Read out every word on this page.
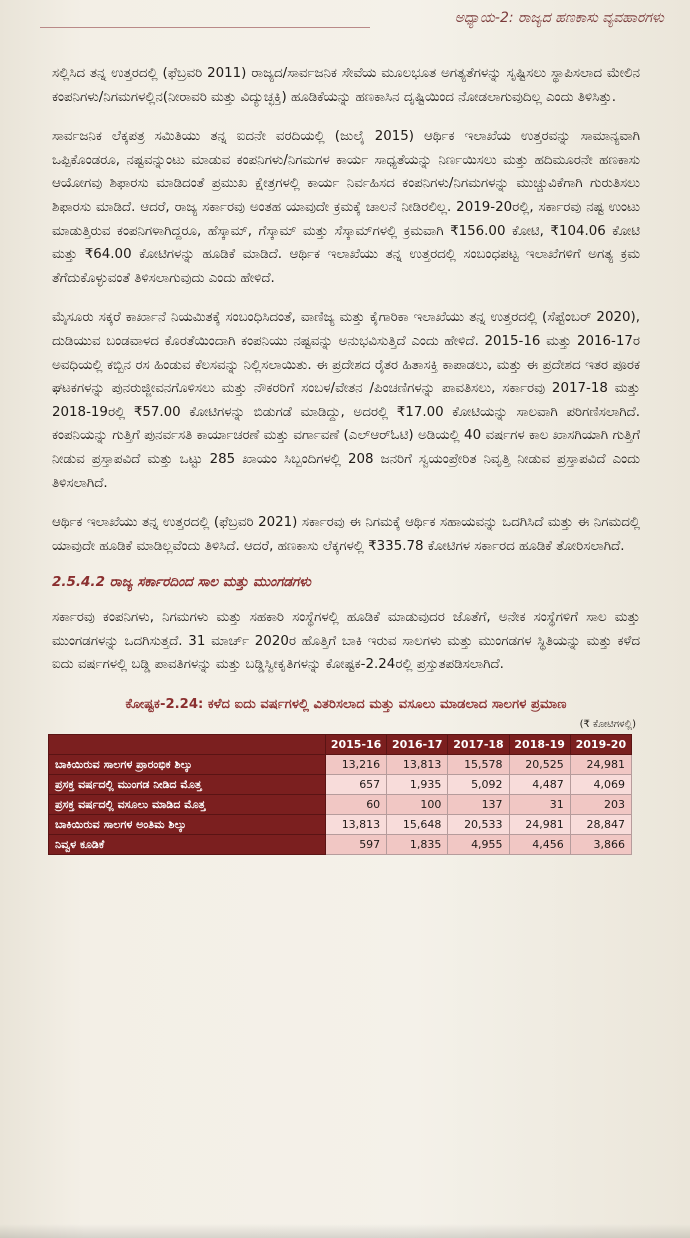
ಅಧ್ಯಾಯ-2: ರಾಜ್ಯದ ಹಣಕಾಸು ವ್ಯವಹಾರಗಳು

ಸಲ್ಲಿಸಿದ ತನ್ನ ಉತ್ತರದಲ್ಲಿ (ಫೆಬ್ರವರಿ 2011) ರಾಜ್ಯದ/ಸಾರ್ವಜನಿಕ ಸೇವೆಯ ಮೂಲಭೂತ ಅಗತ್ಯತೆಗಳನ್ನು ಸೃಷ್ಟಿಸಲು ಸ್ಥಾಪಿಸಲಾದ ಮೇಲಿನ ಕಂಪನಿಗಳು/ನಿಗಮಗಳಲ್ಲಿನ(ನೀರಾವರಿ ಮತ್ತು ವಿದ್ಯುಚ್ಛಕ್ತಿ) ಹೂಡಿಕೆಯನ್ನು ಹಣಕಾಸಿನ ದೃಷ್ಟಿಯಿಂದ ನೋಡಲಾಗುವುದಿಲ್ಲ ಎಂದು ತಿಳಿಸಿತ್ತು.

ಸಾರ್ವಜನಿಕ ಲೆಕ್ಕಪತ್ರ ಸಮಿತಿಯು ತನ್ನ ಐದನೇ ವರದಿಯಲ್ಲಿ (ಜುಲೈ 2015) ಆರ್ಥಿಕ ಇಲಾಖೆಯ ಉತ್ತರವನ್ನು ಸಾಮಾನ್ಯವಾಗಿ ಒಪ್ಪಿಕೊಂಡರೂ, ನಷ್ಟವನ್ನುಂಟು ಮಾಡುವ ಕಂಪನಿಗಳು/ನಿಗಮಗಳ ಕಾರ್ಯ ಸಾಧ್ಯತೆಯನ್ನು ನಿರ್ಣಯಿಸಲು ಮತ್ತು ಹದಿಮೂರನೇ ಹಣಕಾಸು ಆಯೋಗವು ಶಿಫಾರಸು ಮಾಡಿದಂತೆ ಪ್ರಮುಖ ಕ್ಷೇತ್ರಗಳಲ್ಲಿ ಕಾರ್ಯ ನಿರ್ವಹಿಸದ ಕಂಪನಿಗಳು/ನಿಗಮಗಳನ್ನು ಮುಚ್ಚುವಿಕೆಗಾಗಿ ಗುರುತಿಸಲು ಶಿಫಾರಸು ಮಾಡಿದೆ. ಆದರೆ, ರಾಜ್ಯ ಸರ್ಕಾರವು ಅಂತಹ ಯಾವುದೇ ಕ್ರಮಕ್ಕೆ ಚಾಲನೆ ನೀಡಿರಲಿಲ್ಲ. 2019-20ರಲ್ಲಿ, ಸರ್ಕಾರವು ನಷ್ಟ ಉಂಟು ಮಾಡುತ್ತಿರುವ ಕಂಪನಿಗಳಾಗಿದ್ದರೂ, ಹೆಸ್ಕಾಮ್, ಗೆಸ್ಕಾಮ್ ಮತ್ತು ಸೆಸ್ಕಾಮ್‌ಗಳಲ್ಲಿ ಕ್ರಮವಾಗಿ ₹156.00 ಕೋಟಿ, ₹104.06 ಕೋಟಿ ಮತ್ತು ₹64.00 ಕೋಟಿಗಳನ್ನು ಹೂಡಿಕೆ ಮಾಡಿದೆ. ಆರ್ಥಿಕ ಇಲಾಖೆಯು ತನ್ನ ಉತ್ತರದಲ್ಲಿ ಸಂಬಂಧಪಟ್ಟ ಇಲಾಖೆಗಳಿಗೆ ಅಗತ್ಯ ಕ್ರಮ ತೆಗೆದುಕೊಳ್ಳುವಂತೆ ತಿಳಿಸಲಾಗುವುದು ಎಂದು ಹೇಳಿದೆ.

ಮೈಸೂರು ಸಕ್ಕರೆ ಕಾರ್ಖಾನೆ ನಿಯಮಿತಕ್ಕೆ ಸಂಬಂಧಿಸಿದಂತೆ, ವಾಣಿಜ್ಯ ಮತ್ತು ಕೈಗಾರಿಕಾ ಇಲಾಖೆಯು ತನ್ನ ಉತ್ತರದಲ್ಲಿ (ಸೆಪ್ಟೆಂಬರ್ 2020), ದುಡಿಯುವ ಬಂಡವಾಳದ ಕೊರತೆಯಿಂದಾಗಿ ಕಂಪನಿಯು ನಷ್ಟವನ್ನು ಅನುಭವಿಸುತ್ತಿದೆ ಎಂದು ಹೇಳಿದೆ. 2015-16 ಮತ್ತು 2016-17ರ ಅವಧಿಯಲ್ಲಿ ಕಬ್ಬಿನ ರಸ ಹಿಂಡುವ ಕೆಲಸವನ್ನು ನಿಲ್ಲಿಸಲಾಯಿತು. ಈ ಪ್ರದೇಶದ ರೈತರ ಹಿತಾಸಕ್ತಿ ಕಾಪಾಡಲು, ಮತ್ತು ಈ ಪ್ರದೇಶದ ಇತರ ಪೂರಕ ಘಟಕಗಳನ್ನು ಪುನರುಜ್ಜೀವನಗೊಳಿಸಲು ಮತ್ತು ನೌಕರರಿಗೆ ಸಂಬಳ/ವೇತನ /ಪಿಂಚಣಿಗಳನ್ನು ಪಾವತಿಸಲು, ಸರ್ಕಾರವು 2017-18 ಮತ್ತು 2018-19ರಲ್ಲಿ ₹57.00 ಕೋಟಿಗಳನ್ನು ಬಿಡುಗಡೆ ಮಾಡಿದ್ದು, ಅದರಲ್ಲಿ ₹17.00 ಕೋಟಿಯನ್ನು ಸಾಲವಾಗಿ ಪರಿಗಣಿಸಲಾಗಿದೆ. ಕಂಪನಿಯನ್ನು ಗುತ್ತಿಗೆ ಪುನರ್ವಸತಿ ಕಾರ್ಯಾಚರಣೆ ಮತ್ತು ವರ್ಗಾವಣೆ (ಎಲ್‌ಆರ್‌ಓಟಿ) ಅಡಿಯಲ್ಲಿ 40 ವರ್ಷಗಳ ಕಾಲ ಖಾಸಗಿಯಾಗಿ ಗುತ್ತಿಗೆ ನೀಡುವ ಪ್ರಸ್ತಾಪವಿದೆ ಮತ್ತು ಒಟ್ಟು 285 ಖಾಯಂ ಸಿಬ್ಬಂದಿಗಳಲ್ಲಿ 208 ಜನರಿಗೆ ಸ್ವಯಂಪ್ರೇರಿತ ನಿವೃತ್ತಿ ನೀಡುವ ಪ್ರಸ್ತಾಪವಿದೆ ಎಂದು ತಿಳಿಸಲಾಗಿದೆ.

ಆರ್ಥಿಕ ಇಲಾಖೆಯು ತನ್ನ ಉತ್ತರದಲ್ಲಿ (ಫೆಬ್ರವರಿ 2021) ಸರ್ಕಾರವು ಈ ನಿಗಮಕ್ಕೆ ಆರ್ಥಿಕ ಸಹಾಯವನ್ನು ಒದಗಿಸಿದೆ ಮತ್ತು ಈ ನಿಗಮದಲ್ಲಿ ಯಾವುದೇ ಹೂಡಿಕೆ ಮಾಡಿಲ್ಲವೆಂದು ತಿಳಿಸಿದೆ. ಆದರೆ, ಹಣಕಾಸು ಲೆಕ್ಕಗಳಲ್ಲಿ ₹335.78 ಕೋಟಿಗಳ ಸರ್ಕಾರದ ಹೂಡಿಕೆ ತೋರಿಸಲಾಗಿದೆ.

2.5.4.2 ರಾಜ್ಯ ಸರ್ಕಾರದಿಂದ ಸಾಲ ಮತ್ತು ಮುಂಗಡಗಳು

ಸರ್ಕಾರವು ಕಂಪನಿಗಳು, ನಿಗಮಗಳು ಮತ್ತು ಸಹಕಾರಿ ಸಂಸ್ಥೆಗಳಲ್ಲಿ ಹೂಡಿಕೆ ಮಾಡುವುದರ ಜೊತೆಗೆ, ಅನೇಕ ಸಂಸ್ಥೆಗಳಿಗೆ ಸಾಲ ಮತ್ತು ಮುಂಗಡಗಳನ್ನು ಒದಗಿಸುತ್ತದೆ. 31 ಮಾರ್ಚ್ 2020ರ ಹೊತ್ತಿಗೆ ಬಾಕಿ ಇರುವ ಸಾಲಗಳು ಮತ್ತು ಮುಂಗಡಗಳ ಸ್ಥಿತಿಯನ್ನು ಮತ್ತು ಕಳೆದ ಐದು ವರ್ಷಗಳಲ್ಲಿ ಬಡ್ಡಿ ಪಾವತಿಗಳನ್ನು ಮತ್ತು ಬಡ್ಡಿಸ್ವೀಕೃತಿಗಳನ್ನು ಕೋಷ್ಟಕ-2.24ರಲ್ಲಿ ಪ್ರಸ್ತುತಪಡಿಸಲಾಗಿದೆ.

ಕೋಷ್ಟಕ-2.24: ಕಳೆದ ಐದು ವರ್ಷಗಳಲ್ಲಿ ವಿತರಿಸಲಾದ ಮತ್ತು ವಸೂಲು ಮಾಡಲಾದ ಸಾಲಗಳ ಪ್ರಮಾಣ
(₹ ಕೋಟಿಗಳಲ್ಲಿ)
	2015-16	2016-17	2017-18	2018-19	2019-20
ಬಾಕಿಯಿರುವ ಸಾಲಗಳ ಪ್ರಾರಂಭಿಕ ಶಿಲ್ಕು	13,216	13,813	15,578	20,525	24,981
ಪ್ರಸಕ್ತ ವರ್ಷದಲ್ಲಿ ಮುಂಗಡ ನೀಡಿದ ಮೊತ್ತ	657	1,935	5,092	4,487	4,069
ಪ್ರಸಕ್ತ ವರ್ಷದಲ್ಲಿ ವಸೂಲು ಮಾಡಿದ ಮೊತ್ತ	60	100	137	31	203
ಬಾಕಿಯಿರುವ ಸಾಲಗಳ ಅಂತಿಮ ಶಿಲ್ಕು	13,813	15,648	20,533	24,981	28,847
ನಿವ್ವಳ ಕೂಡಿಕೆ	597	1,835	4,955	4,456	3,866
